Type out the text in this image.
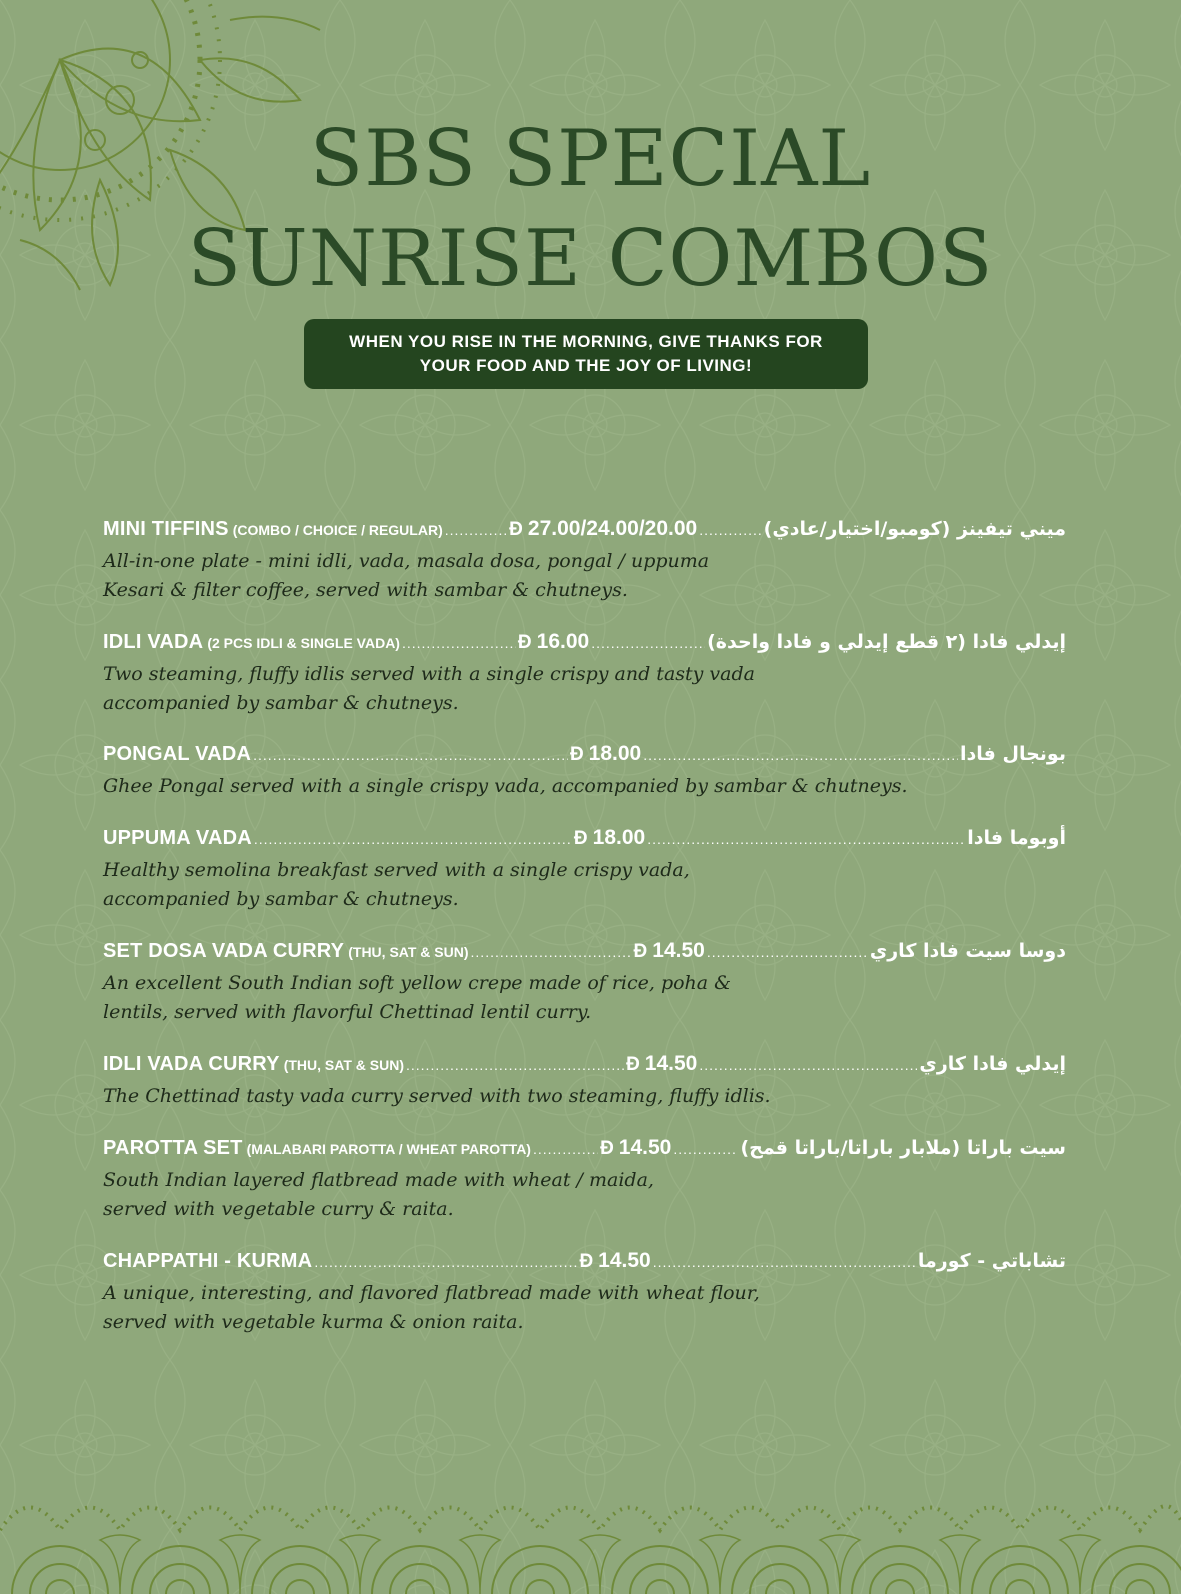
SBS SPECIAL
SUNRISE COMBOS
WHEN YOU RISE IN THE MORNING, GIVE THANKS FOR
YOUR FOOD AND THE JOY OF LIVING!
MINI TIFFINS (COMBO / CHOICE / REGULAR) .....	Đ 27.00/24.00/20.00 .....	ميني تيفينز (كومبو/اختيار/عادي)

All-in-one plate - mini idli, vada, masala dosa, pongal / uppuma

Kesari & filter coffee, served with sambar & chutneys.

IDLI VADA (2 PCS IDLI & SINGLE VADA) .....	Đ 16.00 .....	إيدلي فادا (٢ قطع إيدلي و فادا واحدة)

Two steaming, fluffy idlis served with a single crispy and tasty vada

accompanied by sambar & chutneys.

PONGAL VADA .....	Đ 18.00 .....	بونجال فادا

Ghee Pongal served with a single crispy vada, accompanied by sambar & chutneys.

UPPUMA VADA .....	Đ 18.00 .....	أوبوما فادا

Healthy semolina breakfast served with a single crispy vada,

accompanied by sambar & chutneys.

SET DOSA VADA CURRY (THU, SAT & SUN) .....	Đ 14.50 .....	دوسا سيت فادا كاري

An excellent South Indian soft yellow crepe made of rice, poha &

lentils, served with flavorful Chettinad lentil curry.

IDLI VADA CURRY (THU, SAT & SUN) .....	Đ 14.50 .....	إيدلي فادا كاري

The Chettinad tasty vada curry served with two steaming, fluffy idlis.

PAROTTA SET (MALABARI PAROTTA / WHEAT PAROTTA) .....	Đ 14.50 .....	سيت باراتا (ملابار باراتا/باراتا قمح)

South Indian layered flatbread made with wheat / maida,

served with vegetable curry & raita.

CHAPPATHI - KURMA .....	Đ 14.50 .....	تشاباتي - كورما

A unique, interesting, and flavored flatbread made with wheat flour,

served with vegetable kurma & onion raita.
